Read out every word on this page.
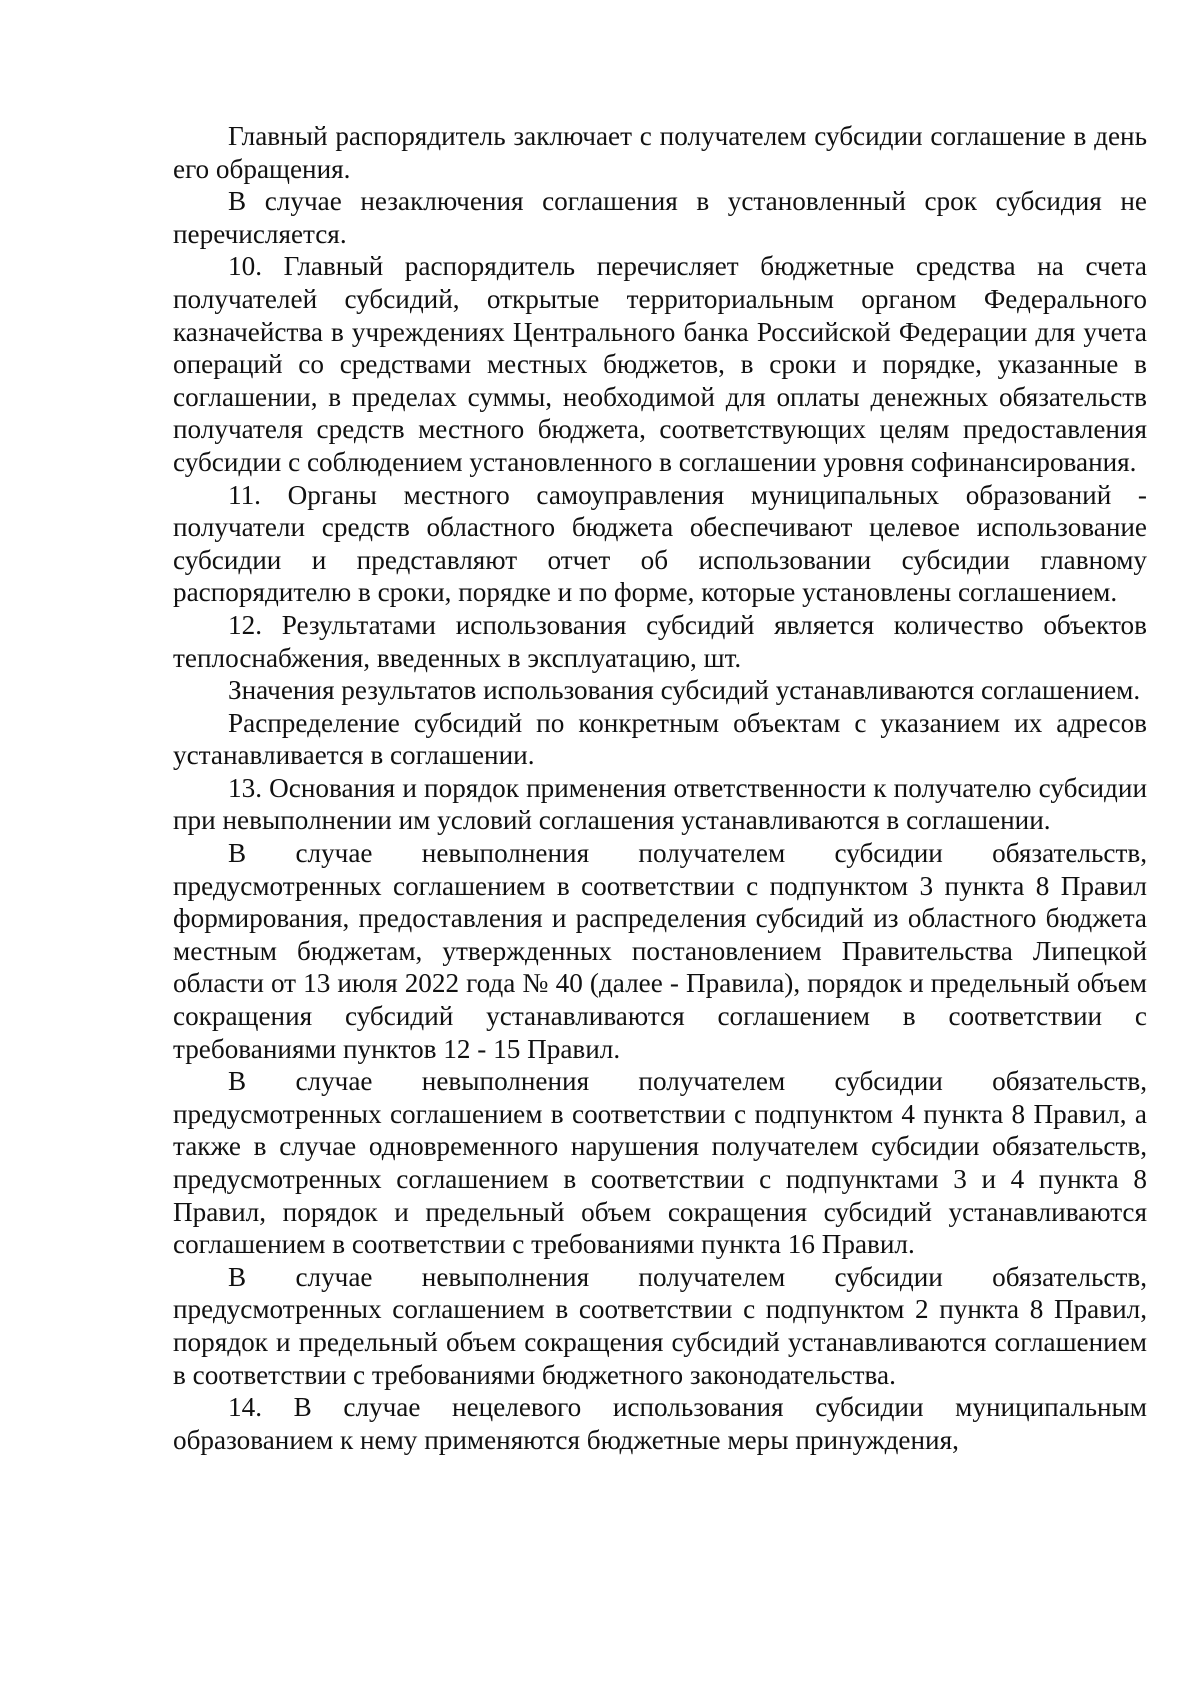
Главный распорядитель заключает с получателем субсидии соглашение в день его обращения.

В случае незаключения соглашения в установленный срок субсидия не перечисляется.

10. Главный распорядитель перечисляет бюджетные средства на счета получателей субсидий, открытые территориальным органом Федерального казначейства в учреждениях Центрального банка Российской Федерации для учета операций со средствами местных бюджетов, в сроки и порядке, указанные в соглашении, в пределах суммы, необходимой для оплаты денежных обязательств получателя средств местного бюджета, соответствующих целям предоставления субсидии с соблюдением установленного в соглашении уровня софинансирования.

11. Органы местного самоуправления муниципальных образований - получатели средств областного бюджета обеспечивают целевое использование субсидии и представляют отчет об использовании субсидии главному распорядителю в сроки, порядке и по форме, которые установлены соглашением.

12. Результатами использования субсидий является количество объектов теплоснабжения, введенных в эксплуатацию, шт.

Значения результатов использования субсидий устанавливаются соглашением.

Распределение субсидий по конкретным объектам с указанием их адресов устанавливается в соглашении.

13. Основания и порядок применения ответственности к получателю субсидии при невыполнении им условий соглашения устанавливаются в соглашении.

В случае невыполнения получателем субсидии обязательств, предусмотренных соглашением в соответствии с подпунктом 3 пункта 8 Правил формирования, предоставления и распределения субсидий из областного бюджета местным бюджетам, утвержденных постановлением Правительства Липецкой области от 13 июля 2022 года № 40 (далее - Правила), порядок и предельный объем сокращения субсидий устанавливаются соглашением в соответствии с требованиями пунктов 12 - 15 Правил.

В случае невыполнения получателем субсидии обязательств, предусмотренных соглашением в соответствии с подпунктом 4 пункта 8 Правил, а также в случае одновременного нарушения получателем субсидии обязательств, предусмотренных соглашением в соответствии с подпунктами 3 и 4 пункта 8 Правил, порядок и предельный объем сокращения субсидий устанавливаются соглашением в соответствии с требованиями пункта 16 Правил.

В случае невыполнения получателем субсидии обязательств, предусмотренных соглашением в соответствии с подпунктом 2 пункта 8 Правил, порядок и предельный объем сокращения субсидий устанавливаются соглашением в соответствии с требованиями бюджетного законодательства.

14. В случае нецелевого использования субсидии муниципальным образованием к нему применяются бюджетные меры принуждения,
